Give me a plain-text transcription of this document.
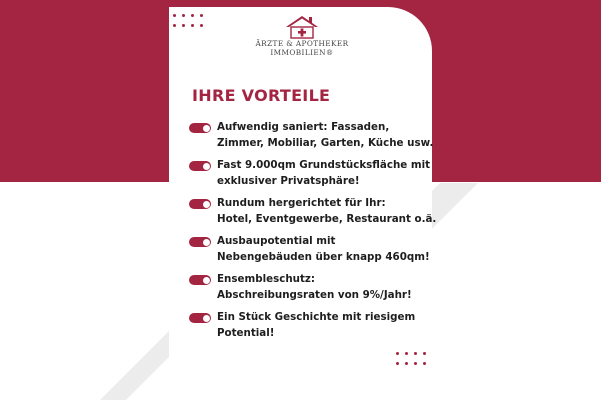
ÄRZTE & APOTHEKER
IMMOBILIEN®
IHRE VORTEILE
Aufwendig saniert: Fassaden,
Zimmer, Mobiliar, Garten, Küche usw.
Fast 9.000qm Grundstücksfläche mit
exklusiver Privatsphäre!
Rundum hergerichtet für Ihr:
Hotel, Eventgewerbe, Restaurant o.ä.
Ausbaupotential mit
Nebengebäuden über knapp 460qm!
Ensembleschutz:
Abschreibungsraten von 9%/Jahr!
Ein Stück Geschichte mit riesigem
Potential!
